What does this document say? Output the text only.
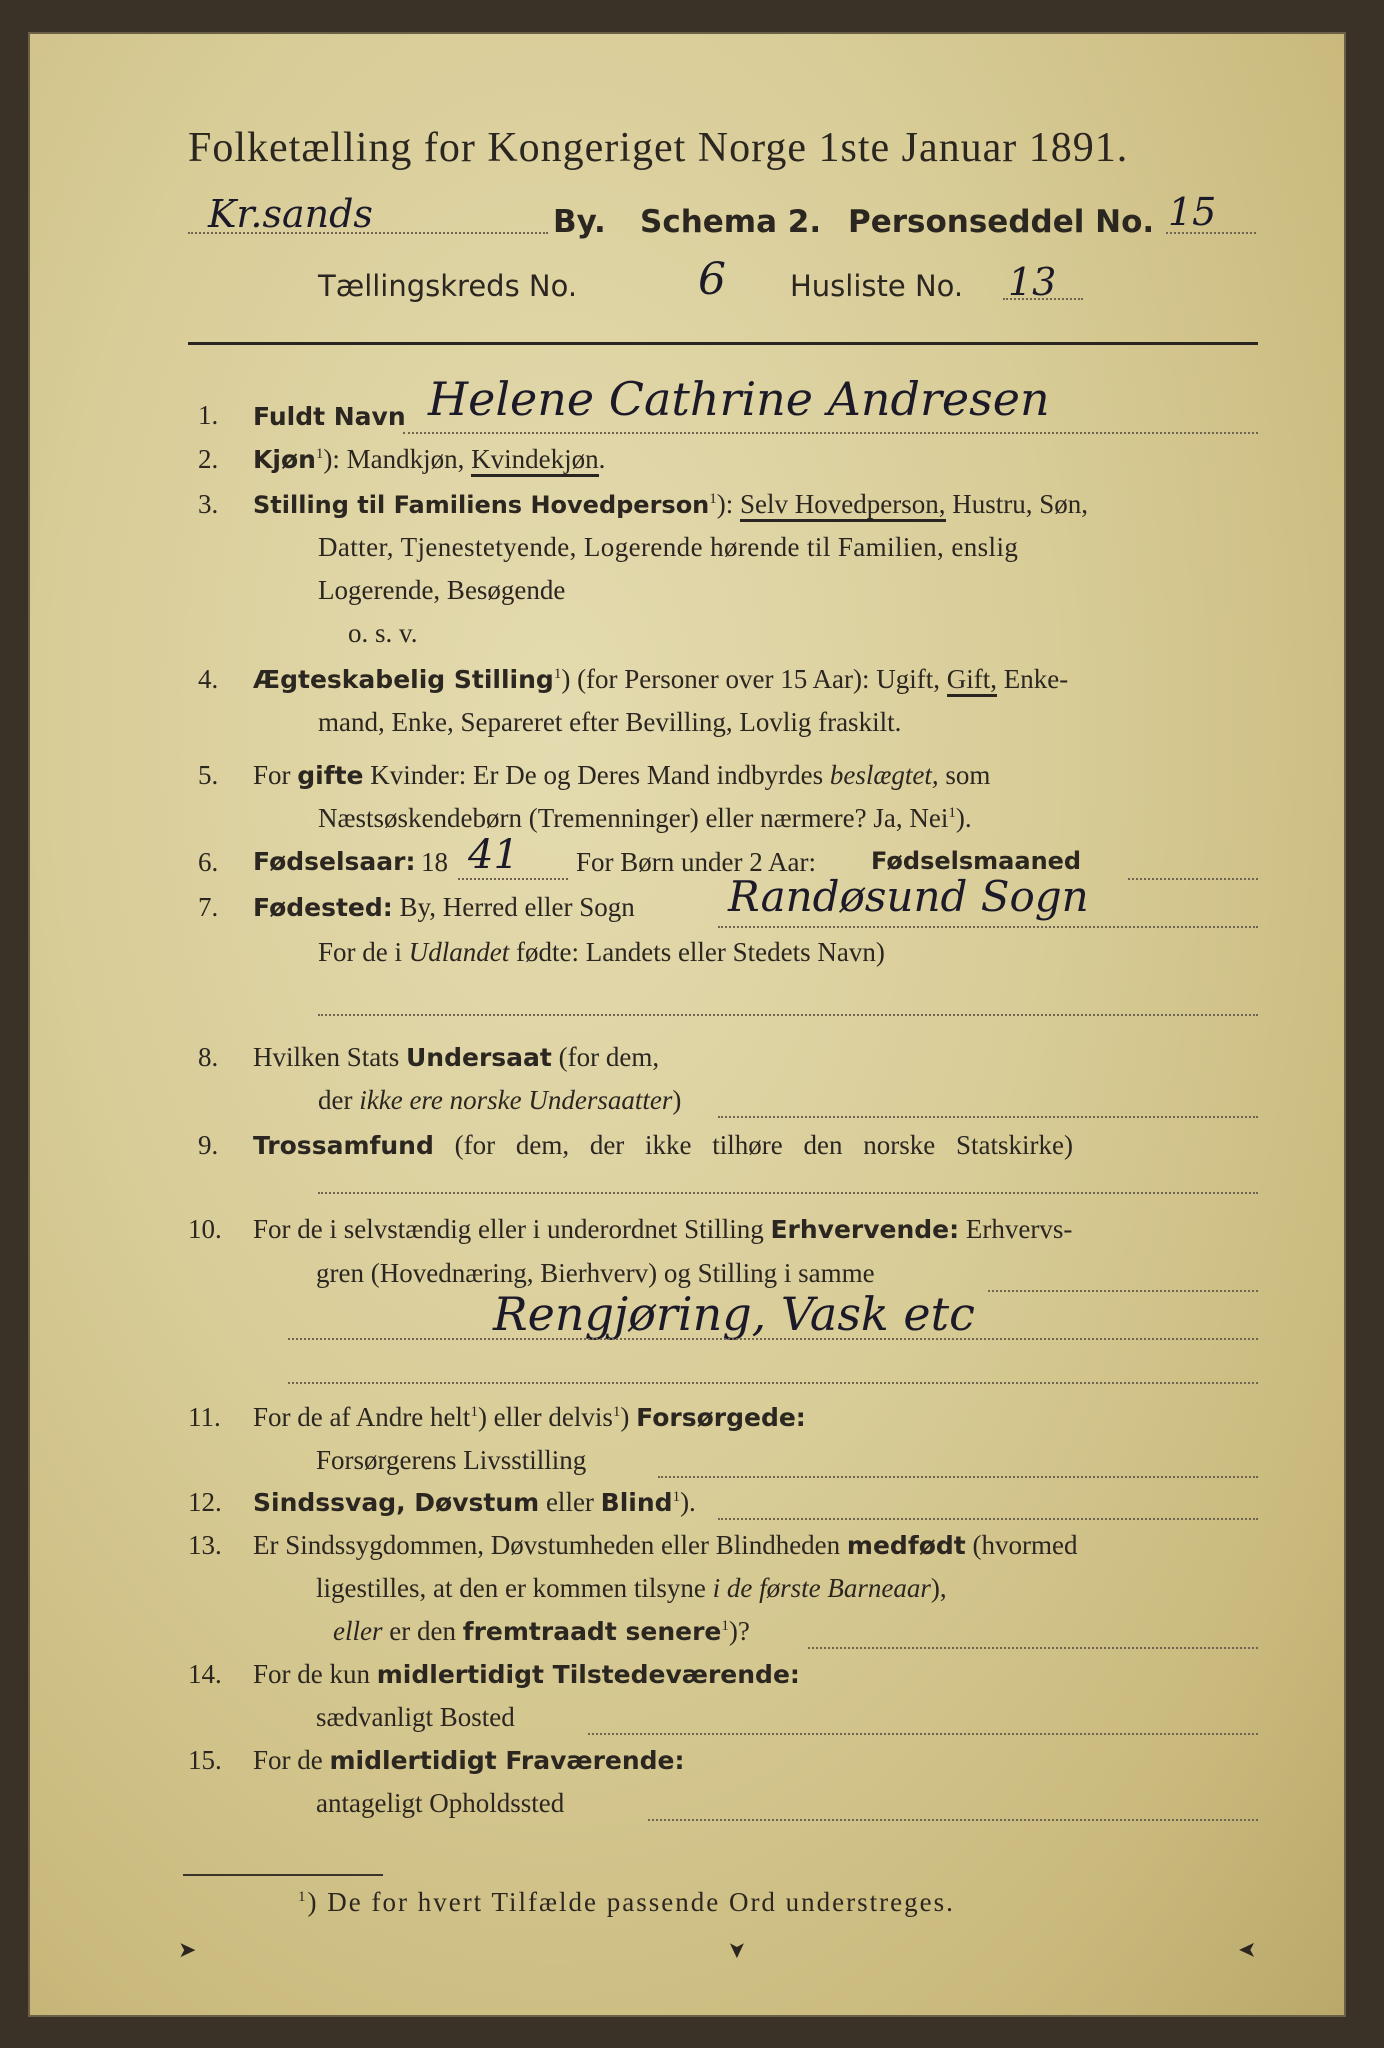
Folketælling for Kongeriget Norge 1ste Januar 1891.
Kr.sands	By. Schema 2. Personseddel No. 15
Tællingskreds No.	6 Husliste No. 13
1. Fuldt Navn Helene Cathrine Andresen
2. Kjøn$^1$): Mandkjøn, Kvindekjøn.
3. Stilling til Familiens Hovedperson$^1$): Selv Hovedperson, Hustru, Søn,
Datter, Tjenestetyende, Logerende hørende til Familien, enslig
Logerende, Besøgende
o. s. v.
4. Ægteskabelig Stilling$^1$) (for Personer over 15 Aar): Ugift, Gift, Enke-
mand, Enke, Separeret efter Bevilling, Lovlig fraskilt.
5. For gifte Kvinder: Er De og Deres Mand indbyrdes beslægtet, som
Næstsøskendebørn (Tremenninger) eller nærmere? Ja, Nei$^1$).
6. Fødselsaar: 18 41 For Børn under 2 Aar: Fødselsmaaned
7. Fødested: By, Herred eller Sogn Randøsund Sogn
For de i Udlandet fødte: Landets eller Stedets Navn)
8. Hvilken Stats Undersaat (for dem,
der ikke ere norske Undersaatter)
9. Trossamfund (for dem, der ikke tilhøre den norske Statskirke)
10. For de i selvstændig eller i underordnet Stilling Erhvervende: Erhvervs-
gren (Hovednæring, Bierhverv) og Stilling i samme
Rengjøring, Vask etc
11. For de af Andre helt$^1$) eller delvis$^1$) Forsørgede:
Forsørgerens Livsstilling
12. Sindssvag, Døvstum eller Blind$^1$).
13. Er Sindssygdommen, Døvstumheden eller Blindheden medfødt (hvormed
ligestilles, at den er kommen tilsyne i de første Barneaar),
eller er den fremtraadt senere$^1$)?
14. For de kun midlertidigt Tilstedeværende:
sædvanligt Bosted
15. For de midlertidigt Fraværende:
antageligt Opholdssted
$^1$) De for hvert Tilfælde passende Ord understreges.
➤	➤	➤
